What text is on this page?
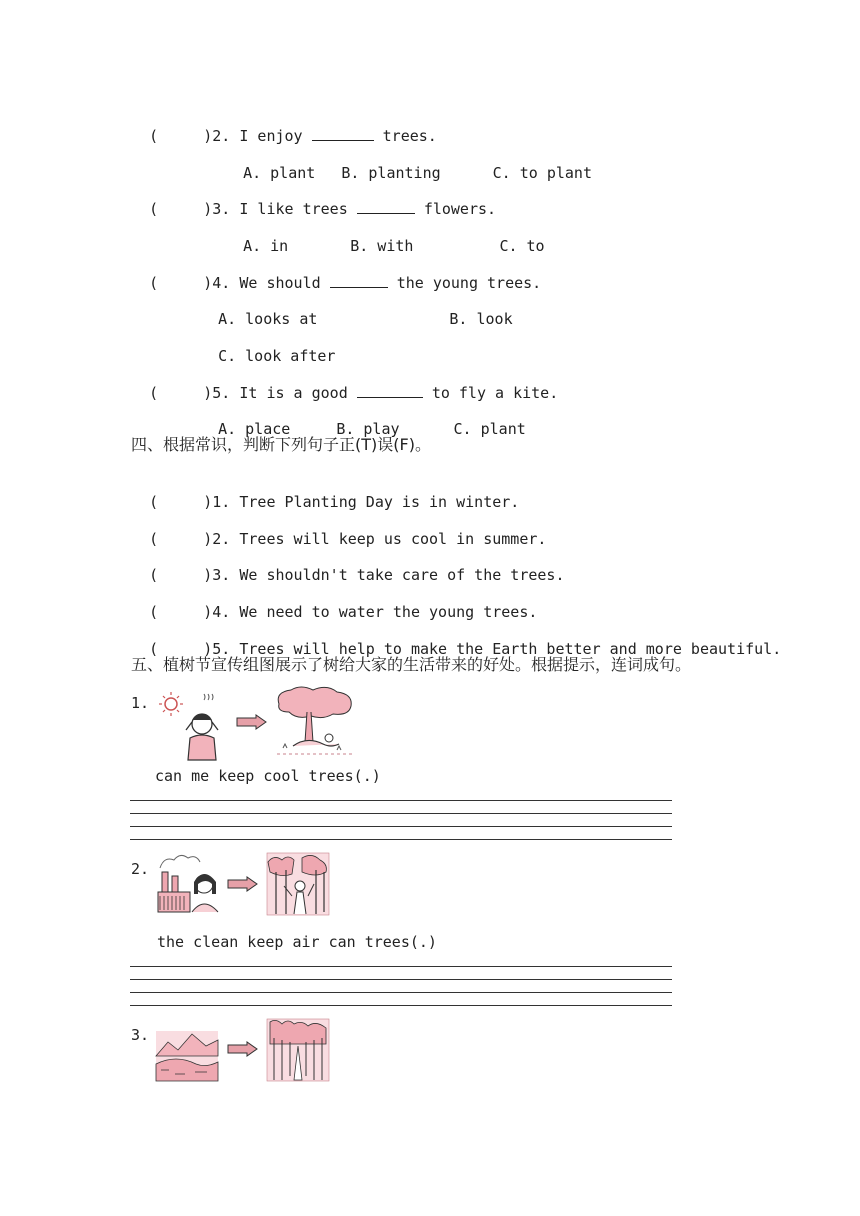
(     )2. I enjoy	trees.

A. plant B. planting	C. to plant

(     )3. I like trees	flowers.

A. in	B. with	C. to

(     )4. We should	the young trees.

A. looks at	B. look

C. look after

(     )5. It is a good	to fly a kite.

A. place	B. play	C. plant

四、根据常识，判断下列句子正(T)误(F)。

(     )1. Tree Planting Day is in winter.

(     )2. Trees will keep us cool in summer.

(     )3. We shouldn't take care of the trees.

(     )4. We need to water the young trees.

(     )5. Trees will help to make the Earth better and more beautiful.

五、植树节宣传组图展示了树给大家的生活带来的好处。根据提示，连词成句。
1.
can me keep cool trees(.)
2.
the clean keep air can trees(.)
3.
